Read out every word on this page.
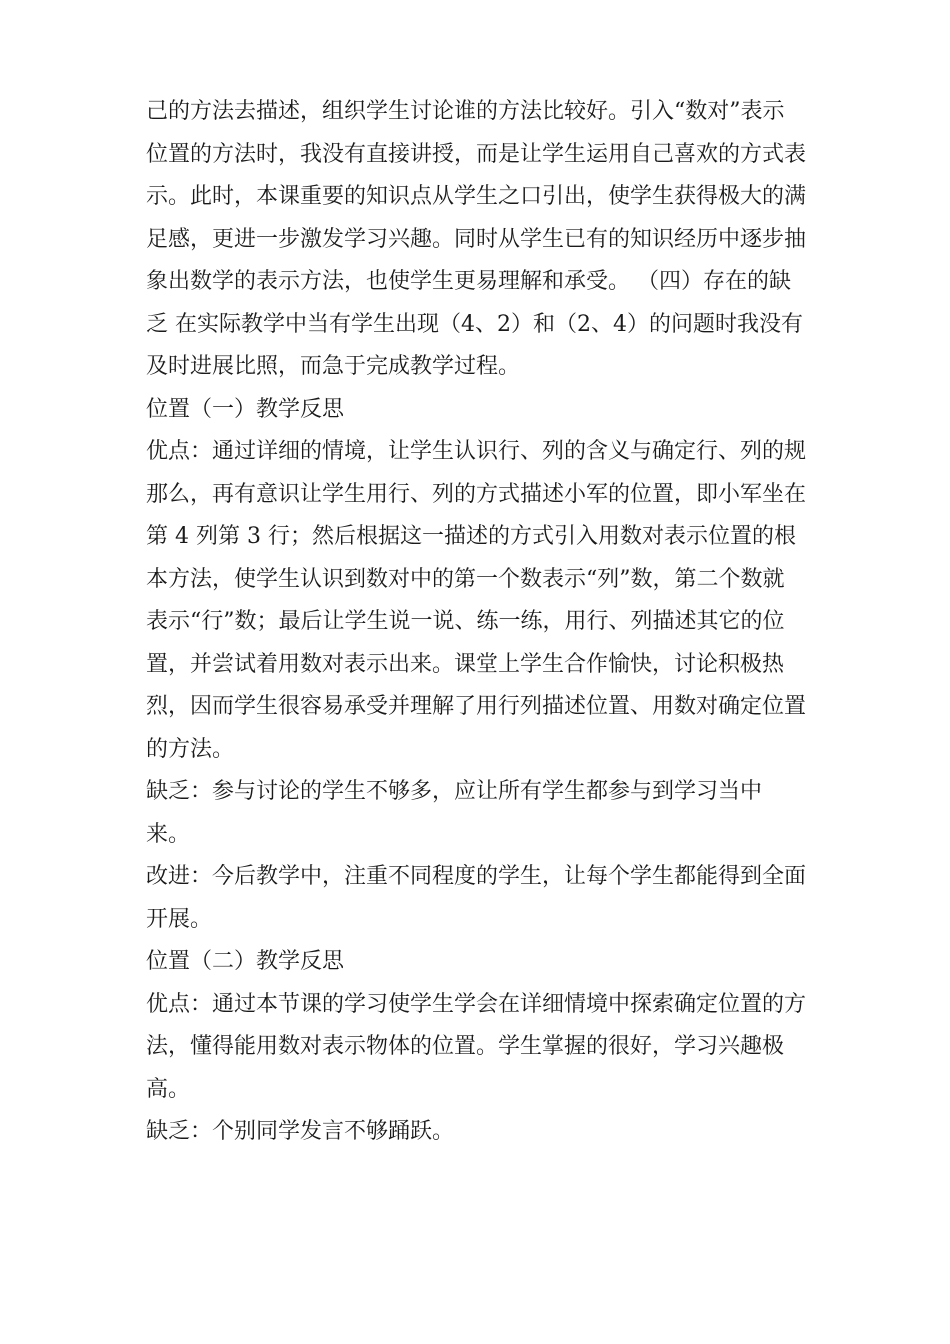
己的方法去描述，组织学生讨论谁的方法比较好。引入“数对”表示位置的方法时，我没有直接讲授，而是让学生运用自己喜欢的方式表示。此时，本课重要的知识点从学生之口引出，使学生获得极大的满足感，更进一步激发学习兴趣。同时从学生已有的知识经历中逐步抽象出数学的表示方法，也使学生更易理解和承受。 （四）存在的缺乏 在实际教学中当有学生出现（4、2）和（2、4）的问题时我没有及时进展比照，而急于完成教学过程。

位置（一）教学反思

优点：通过详细的情境，让学生认识行、列的含义与确定行、列的规那么，再有意识让学生用行、列的方式描述小军的位置，即小军坐在第 4 列第 3 行；然后根据这一描述的方式引入用数对表示位置的根本方法，使学生认识到数对中的第一个数表示“列”数，第二个数就表示“行”数；最后让学生说一说、练一练，用行、列描述其它的位置，并尝试着用数对表示出来。课堂上学生合作愉快，讨论积极热烈，因而学生很容易承受并理解了用行列描述位置、用数对确定位置的方法。

缺乏：参与讨论的学生不够多，应让所有学生都参与到学习当中来。

改进：今后教学中，注重不同程度的学生，让每个学生都能得到全面开展。

位置（二）教学反思

优点：通过本节课的学习使学生学会在详细情境中探索确定位置的方法，懂得能用数对表示物体的位置。学生掌握的很好，学习兴趣极高。

缺乏：个别同学发言不够踊跃。
